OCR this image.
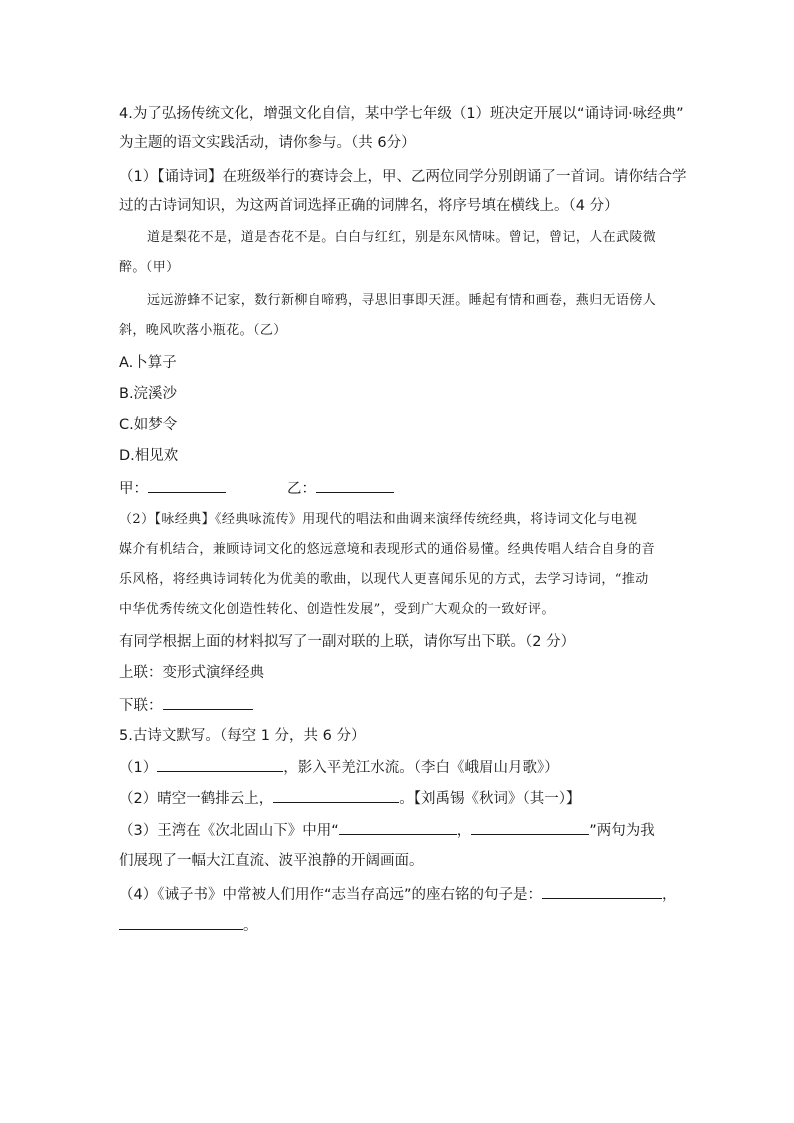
4.为了弘扬传统文化，增强文化自信，某中学七年级（1）班决定开展以“诵诗词·咏经典”
为主题的语文实践活动，请你参与。（共 6分）
（1）【诵诗词】在班级举行的赛诗会上，甲、乙两位同学分别朗诵了一首词。请你结合学
过的古诗词知识，为这两首词选择正确的词牌名，将序号填在横线上。（4 分）
道是梨花不是，道是杏花不是。白白与红红，别是东风情味。曾记，曾记，人在武陵微
醉。（甲）
远远游蜂不记家，数行新柳自啼鸦，寻思旧事即天涯。睡起有情和画卷，燕归无语傍人
斜，晚风吹落小瓶花。（乙）
A.卜算子
B.浣溪沙
C.如梦令
D.相见欢
甲：	乙：
（2）【咏经典】《经典咏流传》用现代的唱法和曲调来演绎传统经典，将诗词文化与电视
媒介有机结合，兼顾诗词文化的悠远意境和表现形式的通俗易懂。经典传唱人结合自身的音
乐风格，将经典诗词转化为优美的歌曲，以现代人更喜闻乐见的方式，去学习诗词，“推动
中华优秀传统文化创造性转化、创造性发展”，受到广大观众的一致好评。
有同学根据上面的材料拟写了一副对联的上联，请你写出下联。（2 分）
上联：变形式演绎经典
下联：
5.古诗文默写。（每空 1 分，共 6 分）
（1）	，影入平羌江水流。（李白《峨眉山月歌》）
（2）晴空一鹤排云上，	。【刘禹锡《秋词》（其一）】
（3）王湾在《次北固山下》中用“	，	”两句为我
们展现了一幅大江直流、波平浪静的开阔画面。
（4）《诫子书》中常被人们用作“志当存高远”的座右铭的句子是：	，
。
